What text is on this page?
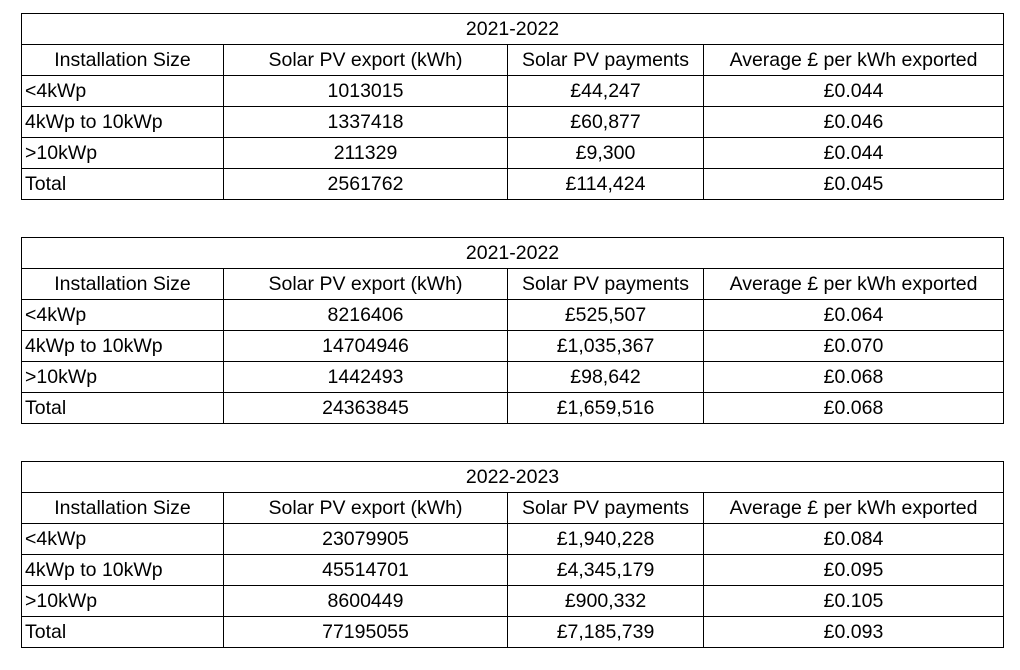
2021-2022			
Installation Size	Solar PV export (kWh)	Solar PV payments	Average £ per kWh exported
<4kWp	1013015	£44,247	£0.044
4kWp to 10kWp	1337418	£60,877	£0.046
>10kWp	211329	£9,300	£0.044
Total	2561762	£114,424	£0.045
2021-2022			
Installation Size	Solar PV export (kWh)	Solar PV payments	Average £ per kWh exported
<4kWp	8216406	£525,507	£0.064
4kWp to 10kWp	14704946	£1,035,367	£0.070
>10kWp	1442493	£98,642	£0.068
Total	24363845	£1,659,516	£0.068
2022-2023			
Installation Size	Solar PV export (kWh)	Solar PV payments	Average £ per kWh exported
<4kWp	23079905	£1,940,228	£0.084
4kWp to 10kWp	45514701	£4,345,179	£0.095
>10kWp	8600449	£900,332	£0.105
Total	77195055	£7,185,739	£0.093
